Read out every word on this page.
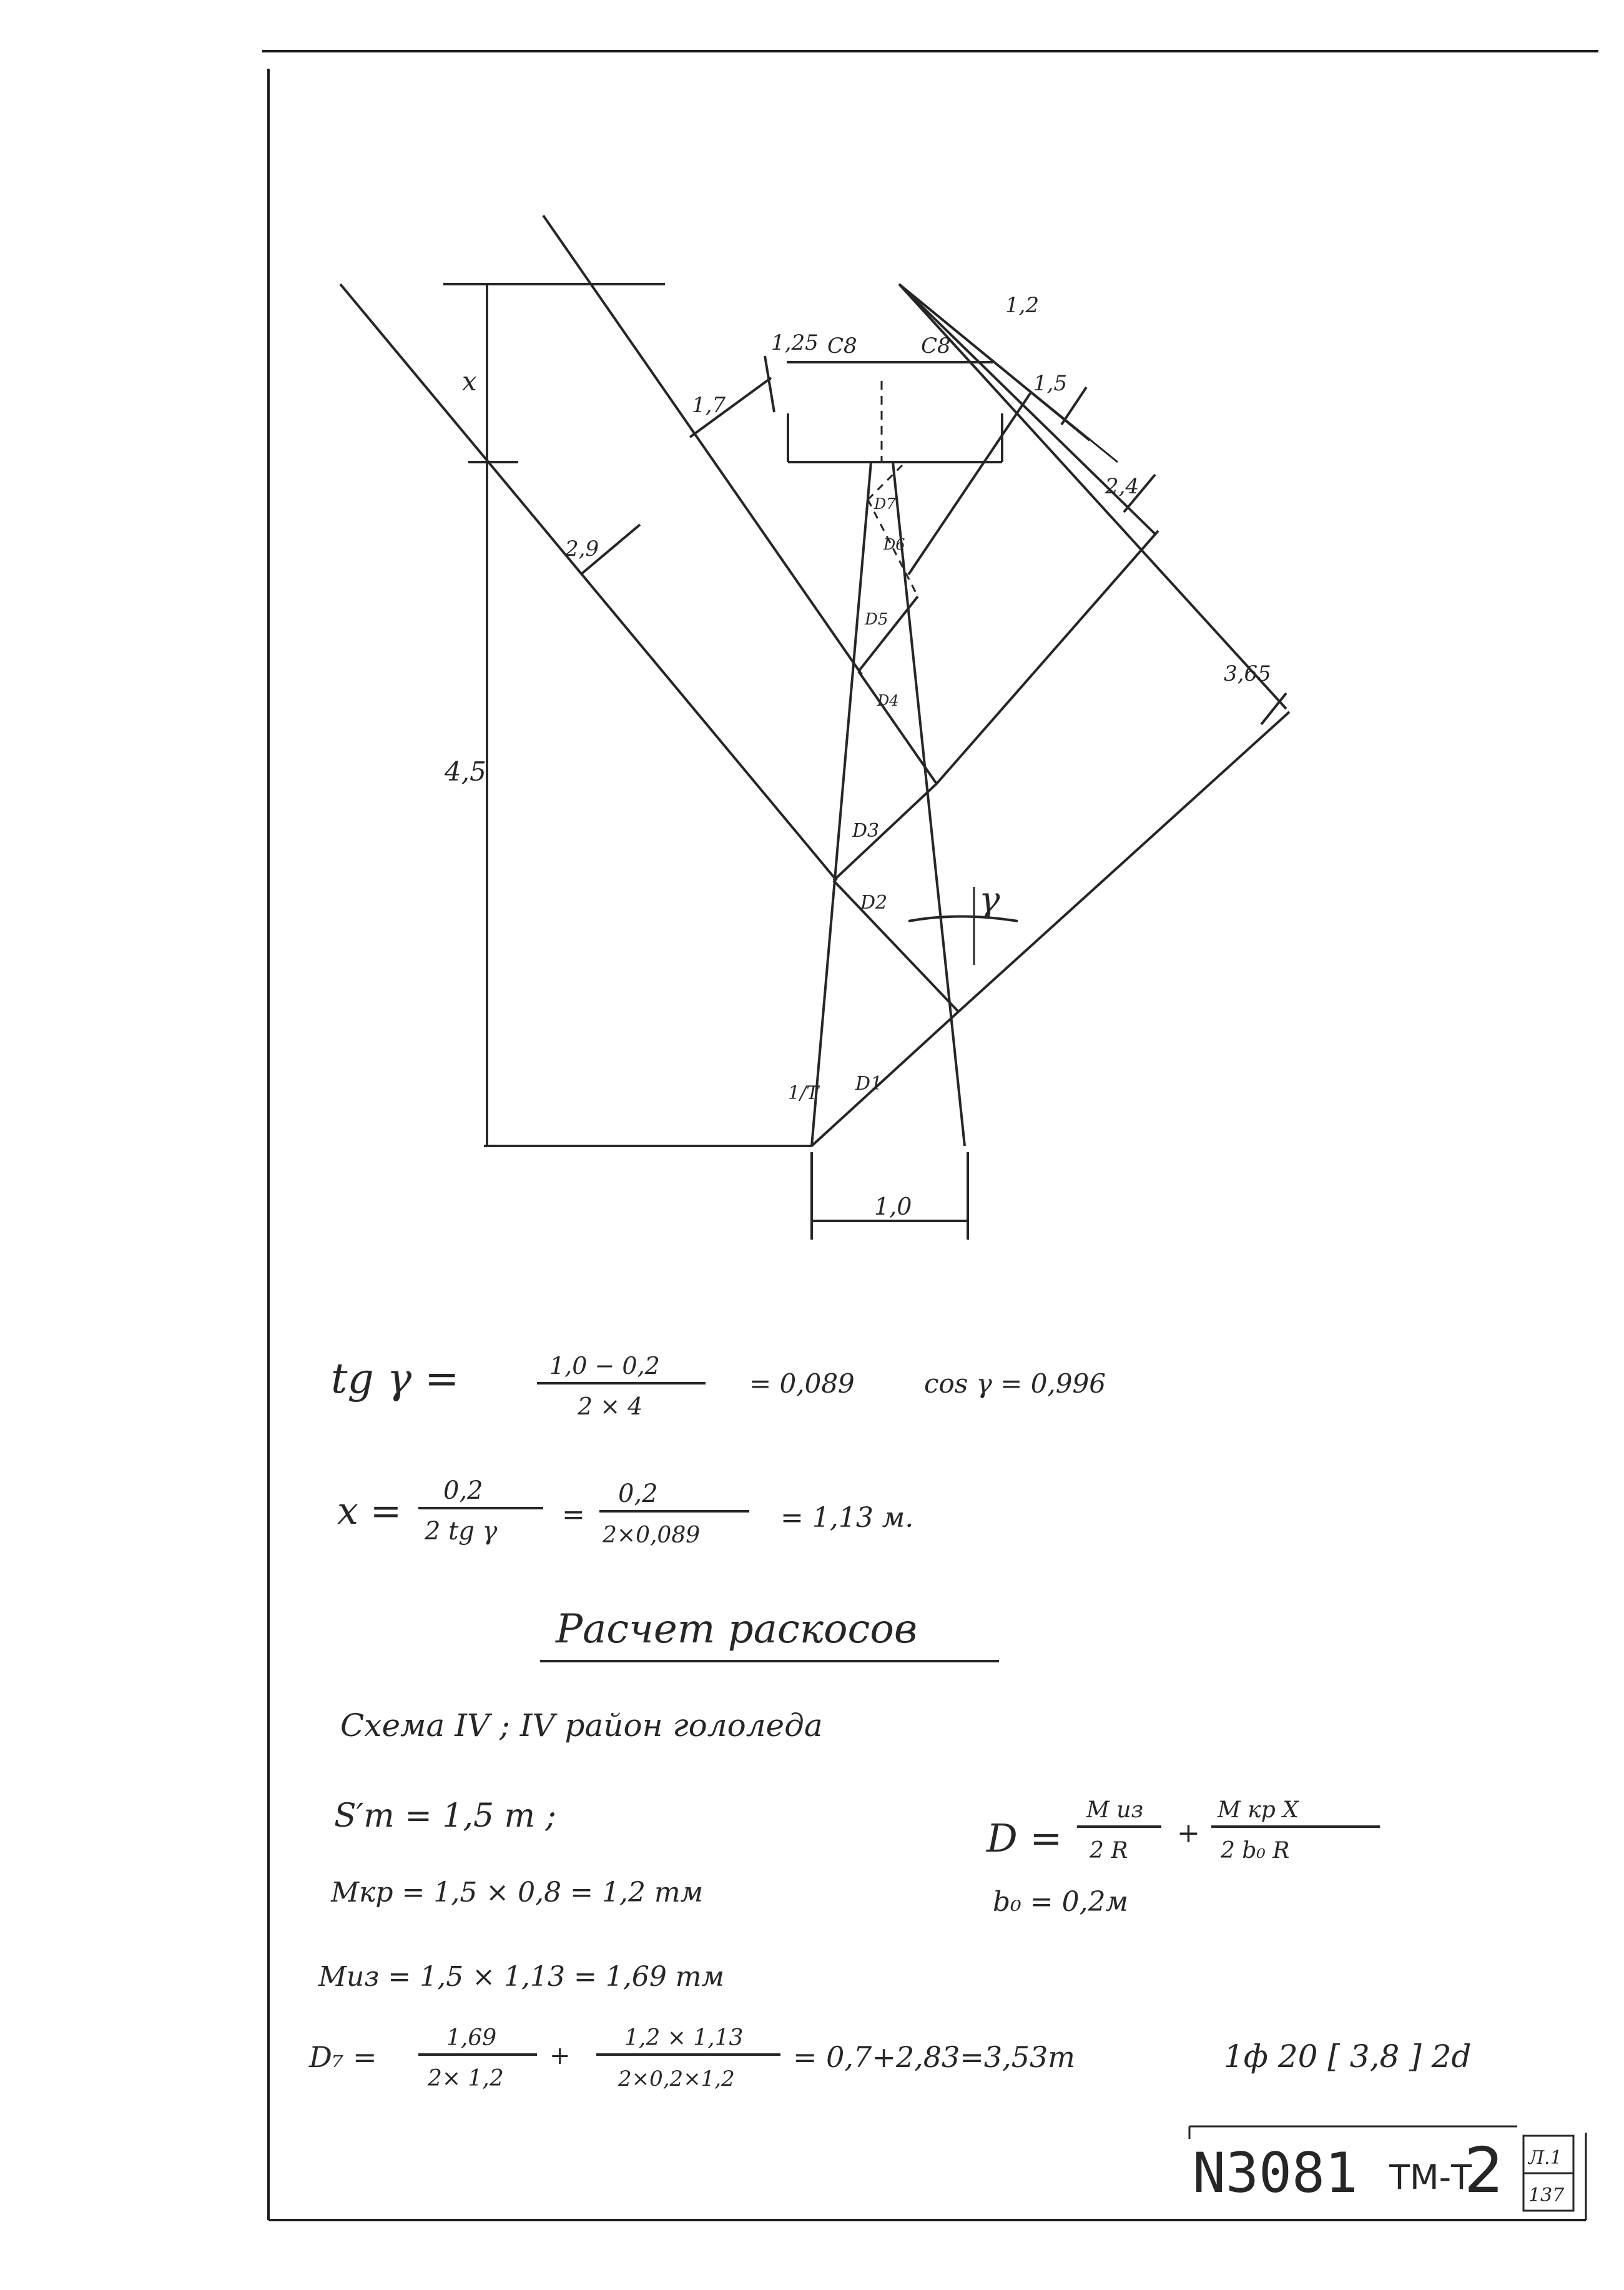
x
4,5
2,9
1,7
1,25 C8	C8
1,2
1,5
2,4
3,65
1,0
γ
1/Т D1
D2
D3
D4
D5
D6
D7
tg γ =	1,0 − 0,2
2 × 4
= 0,089	cos γ = 0,996
x = 0,2
2 tg γ
=
0,2
2×0,089
= 1,13 м.
Расчет раскосов
Схема IV ; IV район гололеда
S′т = 1,5 т ;
Мкр = 1,5 × 0,8 = 1,2 тм
Миз = 1,5 × 1,13 = 1,69 тм
D =
М из
2 R
+
М кр X
2 b₀ R
b₀ = 0,2м
D₇ =
1,69
2× 1,2
+
1,2 × 1,13
2×0,2×1,2
= 0,7+2,83=3,53т	1ф 20 [ 3,8 ] 2d
N3081 ТМ-Т
2 Л.1
137
